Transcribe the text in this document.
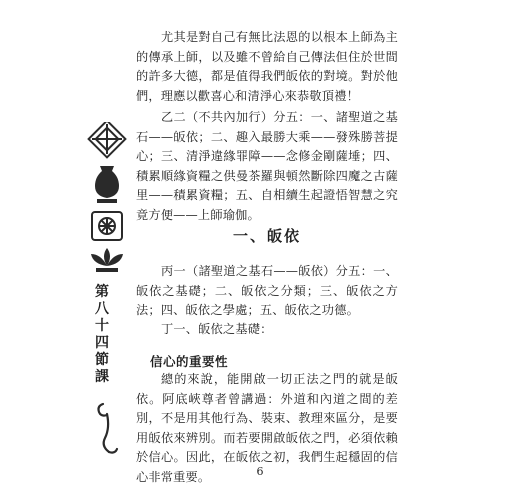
第
八
十
四
節
課

尤其是對自己有無比法恩的以根本上師為主的傳承上師，以及雖不曾給自己傳法但住於世間的許多大德，都是值得我們皈依的對境。對於他們，理應以歡喜心和清淨心來恭敬頂禮！

乙二（不共內加行）分五：一、諸聖道之基石——皈依；二、趣入最勝大乘——發殊勝菩提心；三、清淨違緣罪障——念修金剛薩埵；四、積累順緣資糧之供曼茶羅與頓然斷除四魔之古薩里——積累資糧；五、自相續生起證悟智慧之究竟方便——上師瑜伽。

一、皈依

丙一（諸聖道之基石——皈依）分五：一、皈依之基礎；二、皈依之分類；三、皈依之方法；四、皈依之學處；五、皈依之功德。

丁一、皈依之基礎：

信心的重要性

總的來說，能開啟一切正法之門的就是皈依。阿底峽尊者曾講過：外道和內道之間的差別，不是用其他行為、裝束、教理來區分，是要用皈依來辨別。而若要開啟皈依之門，必須依賴於信心。因此，在皈依之初，我們生起穩固的信心非常重要。	6
